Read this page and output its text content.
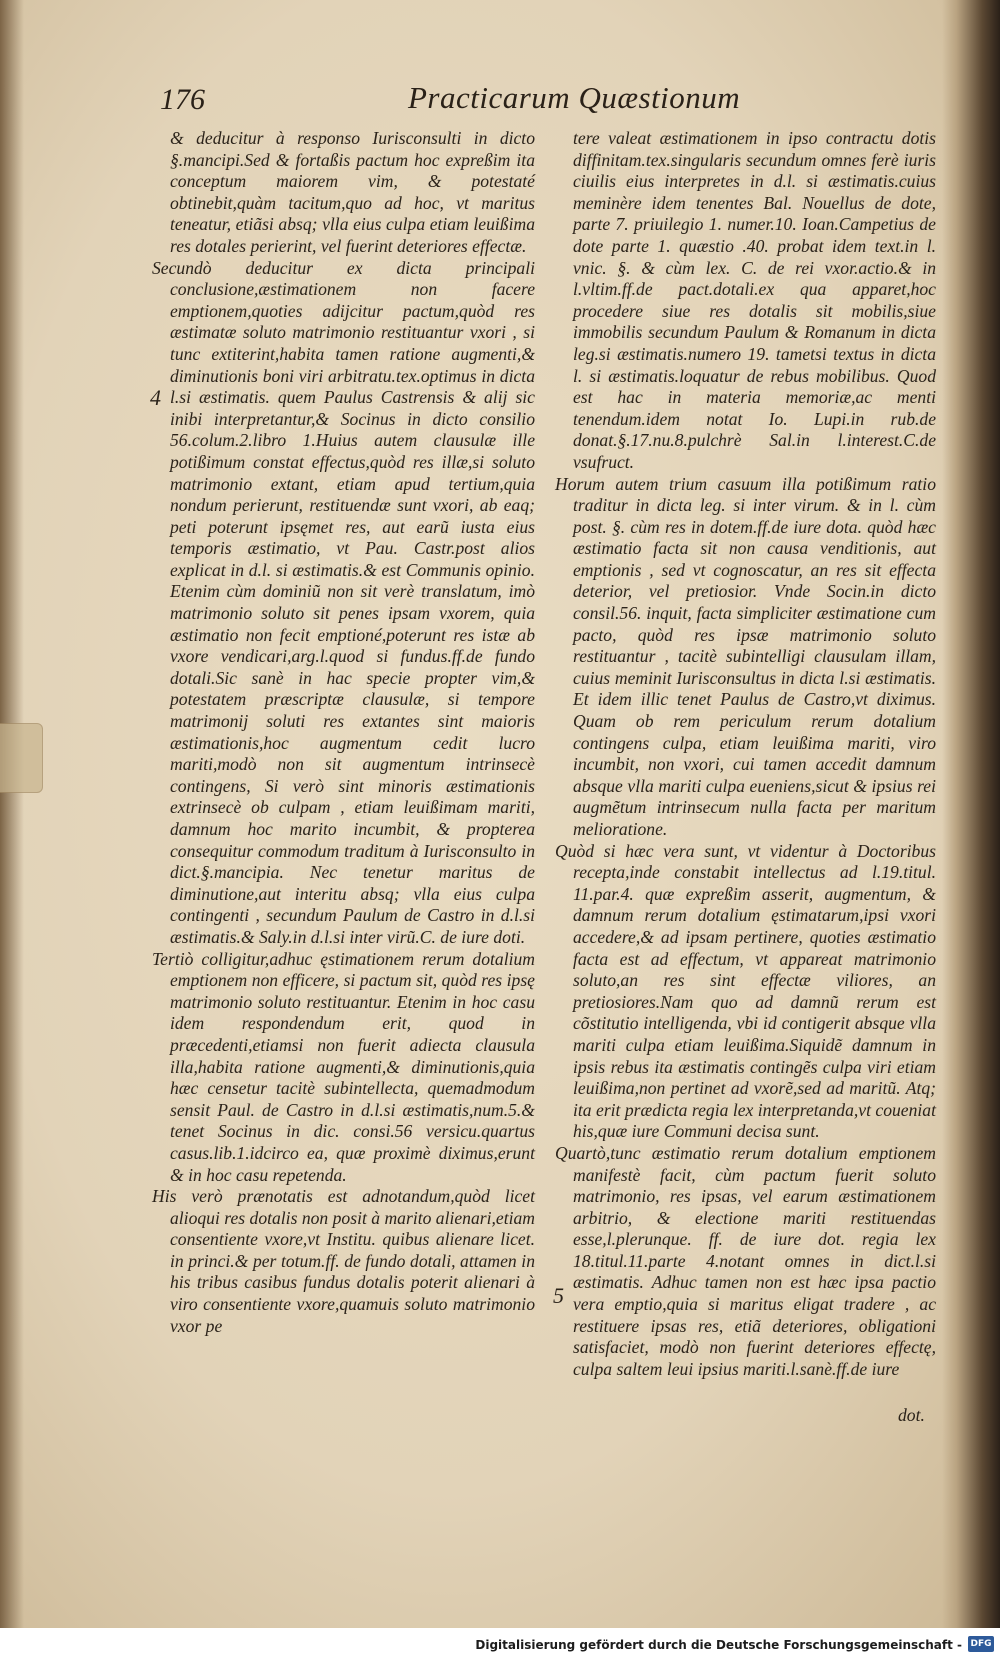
176	Practicarum Quæstionum

& deducitur à responso Iurisconsulti in dicto §.mancipi.Sed & fortaßis pactum hoc expreßim ita conceptum maiorem vim, & potestaté obtinebit,quàm tacitum,quo ad hoc, vt maritus teneatur, etiãsi absq; vlla eius culpa etiam leuißima res dotales perierint, vel fuerint deteriores effectæ.

Secundò deducitur ex dicta principali conclusione,æstimationem non facere emptionem,quoties adijcitur pactum,quòd res æstimatæ soluto matrimonio restituantur vxori , si tunc extiterint,habita tamen ratione augmenti,& diminutionis boni viri arbitratu.tex.optimus in dicta l.si æstimatis. quem Paulus Castrensis & alij sic inibi interpretantur,& Socinus in dicto consilio 56.colum.2.libro 1.Huius autem clausulæ ille potißimum constat effectus,quòd res illæ,si soluto matrimonio extant, etiam apud tertium,quia nondum perierunt, restituendæ sunt vxori, ab eaq; peti poterunt ipsęmet res, aut earũ iusta eius temporis æstimatio, vt Pau. Castr.post alios explicat in d.l. si æstimatis.& est Communis opinio. Etenim cùm dominiũ non sit verè translatum, imò matrimonio soluto sit penes ipsam vxorem, quia æstimatio non fecit emptioné,poterunt res istæ ab vxore vendicari,arg.l.quod si fundus.ff.de fundo dotali.Sic sanè in hac specie propter vim,& potestatem præscriptæ clausulæ, si tempore matrimonij soluti res extantes sint maioris æstimationis,hoc augmentum cedit lucro mariti,modò non sit augmentum intrinsecè contingens, Si verò sint minoris æstimationis extrinsecè ob culpam , etiam leuißimam mariti, damnum hoc marito incumbit, & propterea consequitur commodum traditum à Iurisconsulto in dict.§.mancipia. Nec tenetur maritus de diminutione,aut interitu absq; vlla eius culpa contingenti , secundum Paulum de Castro in d.l.si æstimatis.& Saly.in d.l.si inter virũ.C. de iure doti.

Tertiò colligitur,adhuc ęstimationem rerum dotalium emptionem non efficere, si pactum sit, quòd res ipsę matrimonio soluto restituantur. Etenim in hoc casu idem respondendum erit, quod in præcedenti,etiamsi non fuerit adiecta clausula illa,habita ratione augmenti,& diminutionis,quia hæc censetur tacitè subintellecta, quemadmodum sensit Paul. de Castro in d.l.si æstimatis,num.5.& tenet Socinus in dic. consi.56 versicu.quartus casus.lib.1.idcirco ea, quæ proximè diximus,erunt & in hoc casu repetenda.

His verò prænotatis est adnotandum,quòd licet alioqui res dotalis non posit à marito alienari,etiam consentiente vxore,vt Institu. quibus alienare licet. in princi.& per totum.ff. de fundo dotali, attamen in his tribus casibus fundus dotalis poterit alienari à viro consentiente vxore,quamuis soluto matrimonio vxor pe

tere valeat æstimationem in ipso contractu dotis diffinitam.tex.singularis secundum omnes ferè iuris ciuilis eius interpretes in d.l. si æstimatis.cuius meminère idem tenentes Bal. Nouellus de dote, parte 7. priuilegio 1. numer.10. Ioan.Campetius de dote parte 1. quæstio .40. probat idem text.in l. vnic. §. & cùm lex. C. de rei vxor.actio.& in l.vltim.ff.de pact.dotali.ex qua apparet,hoc procedere siue res dotalis sit mobilis,siue immobilis secundum Paulum & Romanum in dicta leg.si æstimatis.numero 19. tametsi textus in dicta l. si æstimatis.loquatur de rebus mobilibus. Quod est hac in materia memoriæ,ac menti tenendum.idem notat Io. Lupi.in rub.de donat.§.17.nu.8.pulchrè Sal.in l.interest.C.de vsufruct.

Horum autem trium casuum illa potißimum ratio traditur in dicta leg. si inter virum. & in l. cùm post. §. cùm res in dotem.ff.de iure dota. quòd hæc æstimatio facta sit non causa venditionis, aut emptionis , sed vt cognoscatur, an res sit effecta deterior, vel pretiosior. Vnde Socin.in dicto consil.56. inquit, facta simpliciter æstimatione cum pacto, quòd res ipsæ matrimonio soluto restituantur , tacitè subintelligi clausulam illam, cuius meminit Iurisconsultus in dicta l.si æstimatis. Et idem illic tenet Paulus de Castro,vt diximus. Quam ob rem periculum rerum dotalium contingens culpa, etiam leuißima mariti, viro incumbit, non vxori, cui tamen accedit damnum absque vlla mariti culpa eueniens,sicut & ipsius rei augmẽtum intrinsecum nulla facta per maritum melioratione.

Quòd si hæc vera sunt, vt videntur à Doctoribus recepta,inde constabit intellectus ad l.19.titul. 11.par.4. quæ expreßim asserit, augmentum, & damnum rerum dotalium ęstimatarum,ipsi vxori accedere,& ad ipsam pertinere, quoties æstimatio facta est ad effectum, vt appareat matrimonio soluto,an res sint effectæ viliores, an pretiosiores.Nam quo ad damnũ rerum est cõstitutio intelligenda, vbi id contigerit absque vlla mariti culpa etiam leuißima.Siquidẽ damnum in ipsis rebus ita æstimatis contingẽs culpa viri etiam leuißima,non pertinet ad vxorẽ,sed ad maritũ. Atq; ita erit prædicta regia lex interpretanda,vt coueniat his,quæ iure Communi decisa sunt.

Quartò,tunc æstimatio rerum dotalium emptionem manifestè facit, cùm pactum fuerit soluto matrimonio, res ipsas, vel earum æstimationem arbitrio, & electione mariti restituendas esse,l.plerunque. ff. de iure dot. regia lex 18.titul.11.parte 4.notant omnes in dict.l.si æstimatis. Adhuc tamen non est hæc ipsa pactio vera emptio,quia si maritus eligat tradere , ac restituere ipsas res, etiã deteriores, obligationi satisfaciet, modò non fuerint deteriores effectę, culpa saltem leui ipsius mariti.l.sanè.ff.de iure

4
5
dot.
Digitalisierung gefördert durch die Deutsche Forschungsgemeinschaft - DFG
